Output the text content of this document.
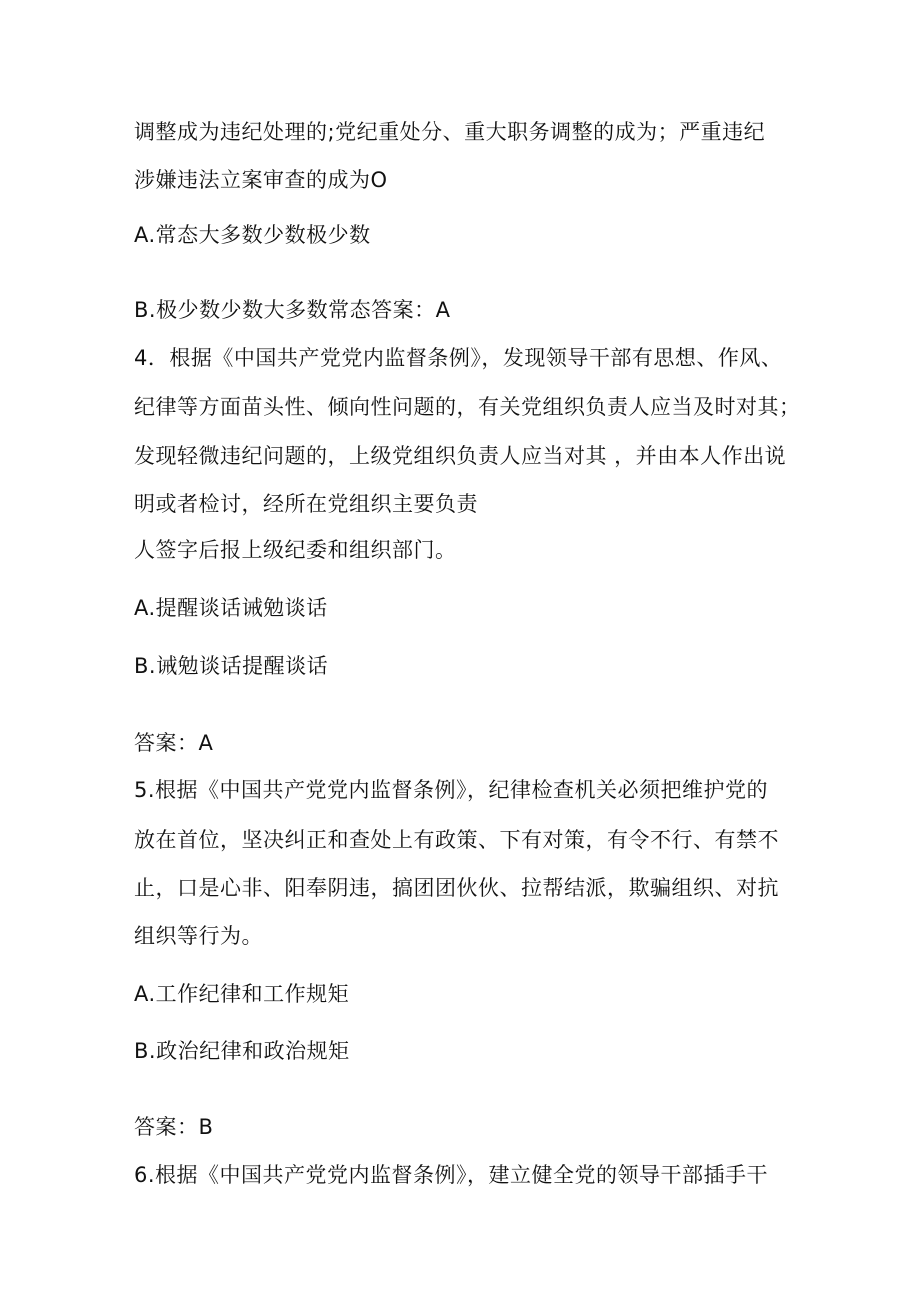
调整成为违纪处理的;党纪重处分、重大职务调整的成为；严重违纪
涉嫌违法立案审查的成为O
A.常态大多数少数极少数
B.极少数少数大多数常态答案：A
4．根据《中国共产党党内监督条例》，发现领导干部有思想、作风、
纪律等方面苗头性、倾向性问题的，有关党组织负责人应当及时对其；
发现轻微违纪问题的，上级党组织负责人应当对其 ，并由本人作出说
明或者检讨，经所在党组织主要负责
人签字后报上级纪委和组织部门。
A.提醒谈话诫勉谈话
B.诫勉谈话提醒谈话
答案：A
5.根据《中国共产党党内监督条例》，纪律检查机关必须把维护党的
放在首位，坚决纠正和查处上有政策、下有对策，有令不行、有禁不
止，口是心非、阳奉阴违，搞团团伙伙、拉帮结派，欺骗组织、对抗
组织等行为。
A.工作纪律和工作规矩
B.政治纪律和政治规矩
答案：B
6.根据《中国共产党党内监督条例》，建立健全党的领导干部插手干
